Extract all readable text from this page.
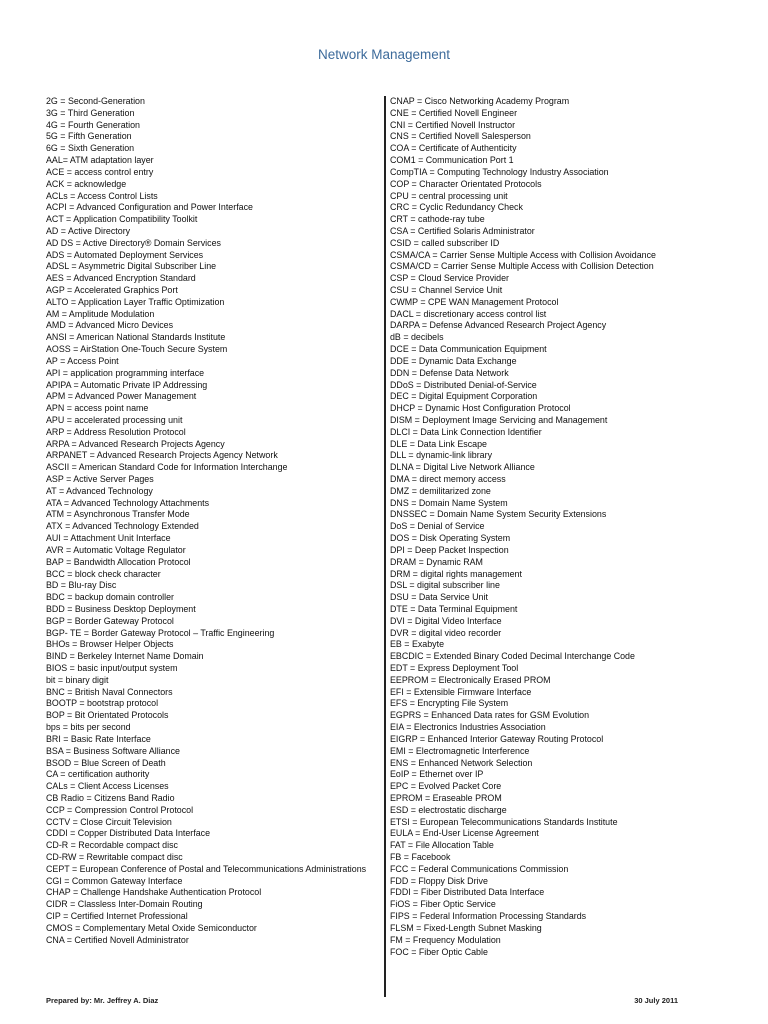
Network Management
2G = Second-Generation
3G = Third Generation
4G = Fourth Generation
5G = Fifth Generation
6G = Sixth Generation
AAL= ATM adaptation layer
ACE = access control entry
ACK = acknowledge
ACLs = Access Control Lists
ACPI = Advanced Configuration and Power Interface
ACT = Application Compatibility Toolkit
AD = Active Directory
AD DS = Active Directory® Domain Services
ADS = Automated Deployment Services
ADSL = Asymmetric Digital Subscriber Line
AES = Advanced Encryption Standard
AGP = Accelerated Graphics Port
ALTO = Application Layer Traffic Optimization
AM = Amplitude Modulation
AMD = Advanced Micro Devices
ANSI = American National Standards Institute
AOSS = AirStation One-Touch Secure System
AP = Access Point
API = application programming interface
APIPA = Automatic Private IP Addressing
APM = Advanced Power Management
APN = access point name
APU = accelerated processing unit
ARP = Address Resolution Protocol
ARPA = Advanced Research Projects Agency
ARPANET = Advanced Research Projects Agency Network
ASCII = American Standard Code for Information Interchange
ASP = Active Server Pages
AT = Advanced Technology
ATA = Advanced Technology Attachments
ATM = Asynchronous Transfer Mode
ATX = Advanced Technology Extended
AUI = Attachment Unit Interface
AVR = Automatic Voltage Regulator
BAP = Bandwidth Allocation Protocol
BCC = block check character
BD = Blu-ray Disc
BDC = backup domain controller
BDD = Business Desktop Deployment
BGP = Border Gateway Protocol
BGP- TE = Border Gateway Protocol – Traffic Engineering
BHOs = Browser Helper Objects
BIND = Berkeley Internet Name Domain
BIOS = basic input/output system
bit = binary digit
BNC = British Naval Connectors
BOOTP = bootstrap protocol
BOP = Bit Orientated Protocols
bps = bits per second
BRI = Basic Rate Interface
BSA = Business Software Alliance
BSOD = Blue Screen of Death
CA = certification authority
CALs = Client Access Licenses
CB Radio = Citizens Band Radio
CCP = Compression Control Protocol
CCTV = Close Circuit Television
CDDI = Copper Distributed Data Interface
CD-R = Recordable compact disc
CD-RW = Rewritable compact disc
CEPT = European Conference of Postal and Telecommunications Administrations
CGI = Common Gateway Interface
CHAP = Challenge Handshake Authentication Protocol
CIDR = Classless Inter-Domain Routing
CIP = Certified Internet Professional
CMOS = Complementary Metal Oxide Semiconductor
CNA = Certified Novell Administrator
CNAP = Cisco Networking Academy Program
CNE = Certified Novell Engineer
CNI = Certified Novell Instructor
CNS = Certified Novell Salesperson
COA = Certificate of Authenticity
COM1 = Communication Port 1
CompTIA = Computing Technology Industry Association
COP = Character Orientated Protocols
CPU = central processing unit
CRC = Cyclic Redundancy Check
CRT = cathode-ray tube
CSA = Certified Solaris Administrator
CSID = called subscriber ID
CSMA/CA = Carrier Sense Multiple Access with Collision Avoidance
CSMA/CD = Carrier Sense Multiple Access with Collision Detection
CSP = Cloud Service Provider
CSU = Channel Service Unit
CWMP = CPE WAN Management Protocol
DACL = discretionary access control list
DARPA = Defense Advanced Research Project Agency
dB = decibels
DCE = Data Communication Equipment
DDE = Dynamic Data Exchange
DDN = Defense Data Network
DDoS = Distributed Denial-of-Service
DEC = Digital Equipment Corporation
DHCP = Dynamic Host Configuration Protocol
DISM = Deployment Image Servicing and Management
DLCI = Data Link Connection Identifier
DLE = Data Link Escape
DLL = dynamic-link library
DLNA = Digital Live Network Alliance
DMA = direct memory access
DMZ = demilitarized zone
DNS = Domain Name System
DNSSEC = Domain Name System Security Extensions
DoS = Denial of Service
DOS = Disk Operating System
DPI = Deep Packet Inspection
DRAM = Dynamic RAM
DRM = digital rights management
DSL = digital subscriber line
DSU = Data Service Unit
DTE = Data Terminal Equipment
DVI = Digital Video Interface
DVR = digital video recorder
EB = Exabyte
EBCDIC = Extended Binary Coded Decimal Interchange Code
EDT = Express Deployment Tool
EEPROM = Electronically Erased PROM
EFI = Extensible Firmware Interface
EFS = Encrypting File System
EGPRS = Enhanced Data rates for GSM Evolution
EIA = Electronics Industries Association
EIGRP = Enhanced Interior Gateway Routing Protocol
EMI = Electromagnetic Interference
ENS = Enhanced Network Selection
EoIP = Ethernet over IP
EPC = Evolved Packet Core
EPROM = Eraseable PROM
ESD = electrostatic discharge
ETSI = European Telecommunications Standards Institute
EULA = End-User License Agreement
FAT = File Allocation Table
FB = Facebook
FCC = Federal Communications Commission
FDD = Floppy Disk Drive
FDDI = Fiber Distributed Data Interface
FiOS = Fiber Optic Service
FIPS = Federal Information Processing Standards
FLSM = Fixed-Length Subnet Masking
FM = Frequency Modulation
FOC = Fiber Optic Cable
Prepared by: Mr. Jeffrey A. Diaz	30 July 2011
